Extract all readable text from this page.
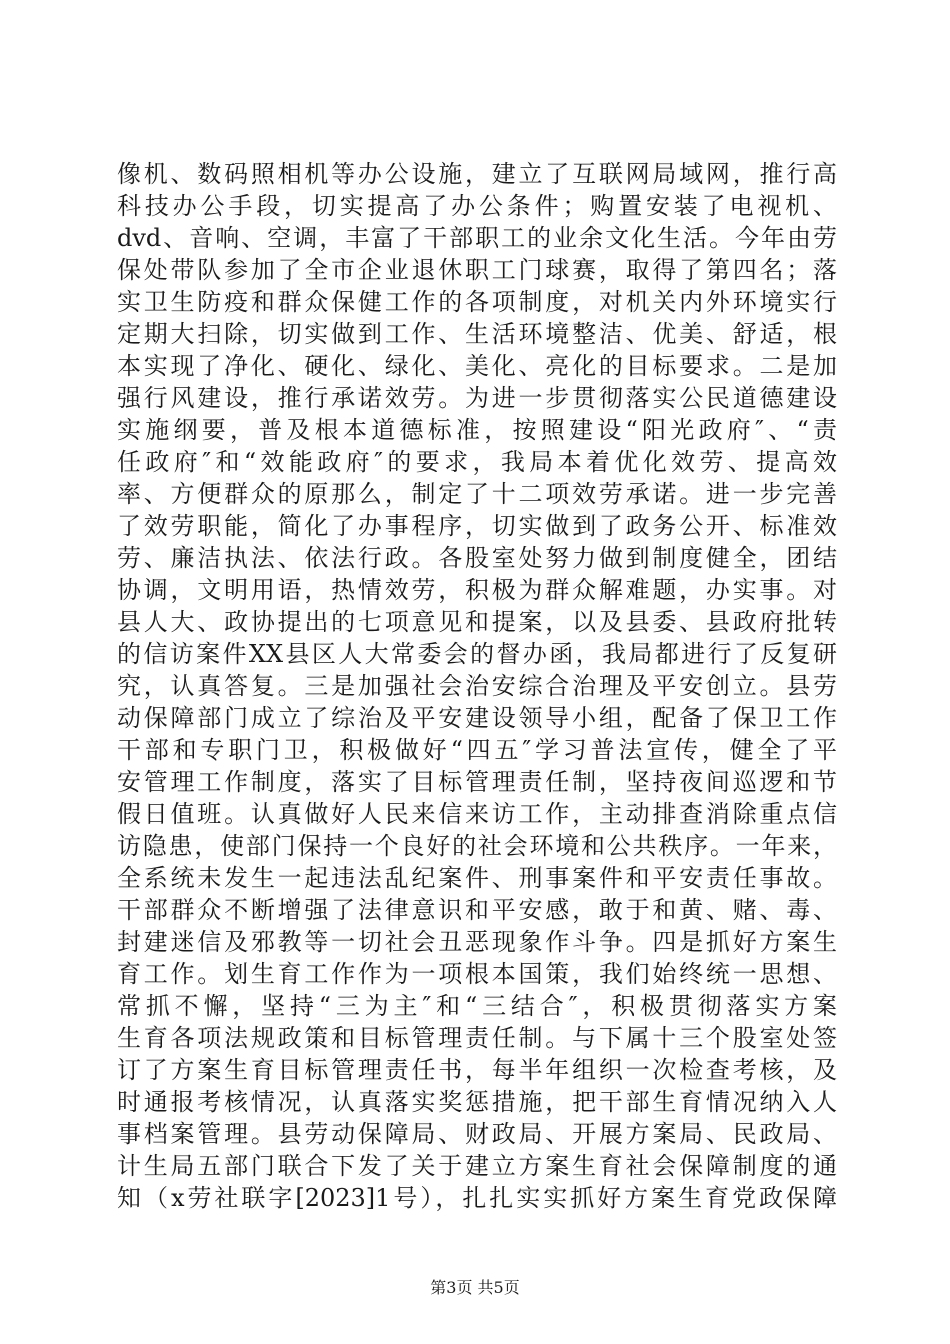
像机、数码照相机等办公设施，建立了互联网局域网，推行高
科技办公手段，切实提高了办公条件；购置安装了电视机、
dvd、音响、空调，丰富了干部职工的业余文化生活。今年由劳
保处带队参加了全市企业退休职工门球赛，取得了第四名；落
实卫生防疫和群众保健工作的各项制度，对机关内外环境实行
定期大扫除，切实做到工作、生活环境整洁、优美、舒适，根
本实现了净化、硬化、绿化、美化、亮化的目标要求。二是加
强行风建设，推行承诺效劳。为进一步贯彻落实公民道德建设
实施纲要，普及根本道德标准，按照建设“阳光政府″、“责
任政府″和“效能政府″的要求，我局本着优化效劳、提高效
率、方便群众的原那么，制定了十二项效劳承诺。进一步完善
了效劳职能，简化了办事程序，切实做到了政务公开、标准效
劳、廉洁执法、依法行政。各股室处努力做到制度健全，团结
协调，文明用语，热情效劳，积极为群众解难题，办实事。对
县人大、政协提出的七项意见和提案，以及县委、县政府批转
的信访案件XX县区人大常委会的督办函，我局都进行了反复研
究，认真答复。三是加强社会治安综合治理及平安创立。县劳
动保障部门成立了综治及平安建设领导小组，配备了保卫工作
干部和专职门卫，积极做好“四五″学习普法宣传，健全了平
安管理工作制度，落实了目标管理责任制，坚持夜间巡逻和节
假日值班。认真做好人民来信来访工作，主动排查消除重点信
访隐患，使部门保持一个良好的社会环境和公共秩序。一年来，
全系统未发生一起违法乱纪案件、刑事案件和平安责任事故。
干部群众不断增强了法律意识和平安感，敢于和黄、赌、毒、
封建迷信及邪教等一切社会丑恶现象作斗争。四是抓好方案生
育工作。划生育工作作为一项根本国策，我们始终统一思想、
常抓不懈，坚持“三为主″和“三结合″，积极贯彻落实方案
生育各项法规政策和目标管理责任制。与下属十三个股室处签
订了方案生育目标管理责任书，每半年组织一次检查考核，及
时通报考核情况，认真落实奖惩措施，把干部生育情况纳入人
事档案管理。县劳动保障局、财政局、开展方案局、民政局、
计生局五部门联合下发了关于建立方案生育社会保障制度的通
知（x劳社联字[2023]1号），扎扎实实抓好方案生育党政保障
第3页 共5页
